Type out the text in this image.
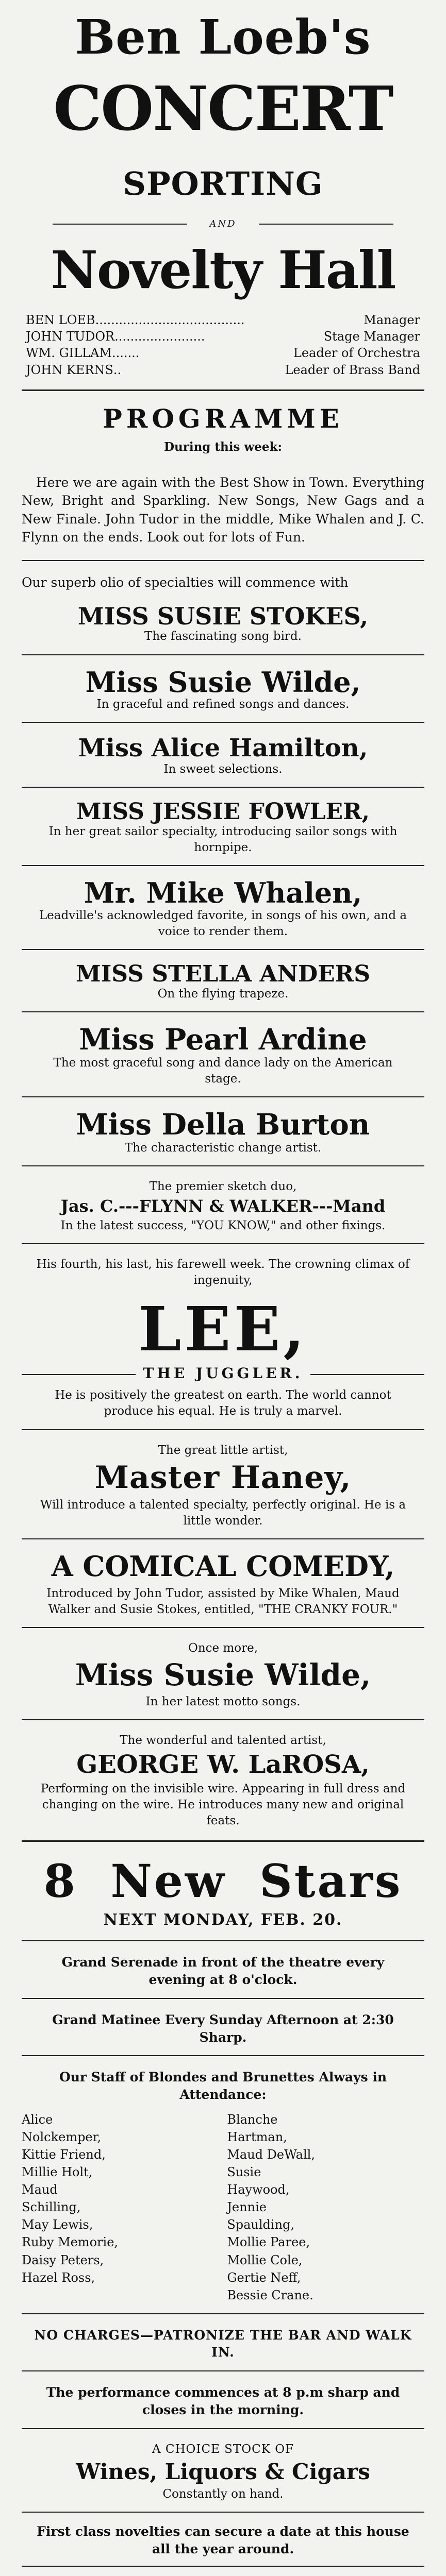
Ben Loeb's
CONCERT
SPORTING
AND
Novelty Hall
BEN LOEB ......................................	Manager
JOHN TUDOR .......................	Stage Manager
WM. GILLAM .......	Leader of Orchestra
JOHN KERNS ..	Leader of Brass Band
PROGRAMME
During this week:
Here we are again with the Best Show in Town. Everything New, Bright and Sparkling. New Songs, New Gags and a New Finale. John Tudor in the middle, Mike Whalen and J. C. Flynn on the ends. Look out for lots of Fun.
Our superb olio of specialties will commence with
MISS SUSIE STOKES,
The fascinating song bird.
Miss Susie Wilde,
In graceful and refined songs and dances.
Miss Alice Hamilton,
In sweet selections.
MISS JESSIE FOWLER,
In her great sailor specialty, introducing sailor songs with hornpipe.
Mr. Mike Whalen,
Leadville's acknowledged favorite, in songs of his own, and a voice to render them.
MISS STELLA ANDERS
On the flying trapeze.
Miss Pearl Ardine
The most graceful song and dance lady on the American stage.
Miss Della Burton
The characteristic change artist.
The premier sketch duo,
Jas. C.---FLYNN & WALKER---Mand
In the latest success, "YOU KNOW," and other fixings.
His fourth, his last, his farewell week. The crowning climax of ingenuity,
LEE,
THE JUGGLER.
He is positively the greatest on earth. The world cannot produce his equal. He is truly a marvel.
The great little artist,
Master Haney,
Will introduce a talented specialty, perfectly original. He is a little wonder.
A COMICAL COMEDY,
Introduced by John Tudor, assisted by Mike Whalen, Maud Walker and Susie Stokes, entitled, "THE CRANKY FOUR."
Once more,
Miss Susie Wilde,
In her latest motto songs.
The wonderful and talented artist,
GEORGE W. LaROSA,
Performing on the invisible wire. Appearing in full dress and changing on the wire. He introduces many new and original feats.
8 New Stars
NEXT MONDAY, FEB. 20.
Grand Serenade in front of the theatre every evening at 8 o'clock.
Grand Matinee Every Sunday Afternoon at 2:30 Sharp.
Our Staff of Blondes and Brunettes Always in Attendance:
Alice Nolckemper,
Kittie Friend,
Millie Holt,
Maud Schilling,
May Lewis,
Ruby Memorie,
Daisy Peters,
Hazel Ross,
Blanche Hartman,
Maud DeWall,
Susie Haywood,
Jennie Spaulding,
Mollie Paree,
Mollie Cole,
Gertie Neff,
Bessie Crane.
NO CHARGES—PATRONIZE THE BAR AND WALK IN.
The performance commences at 8 p.m sharp and closes in the morning.
A CHOICE STOCK OF
Wines, Liquors & Cigars
Constantly on hand.
First class novelties can secure a date at this house all the year around.
